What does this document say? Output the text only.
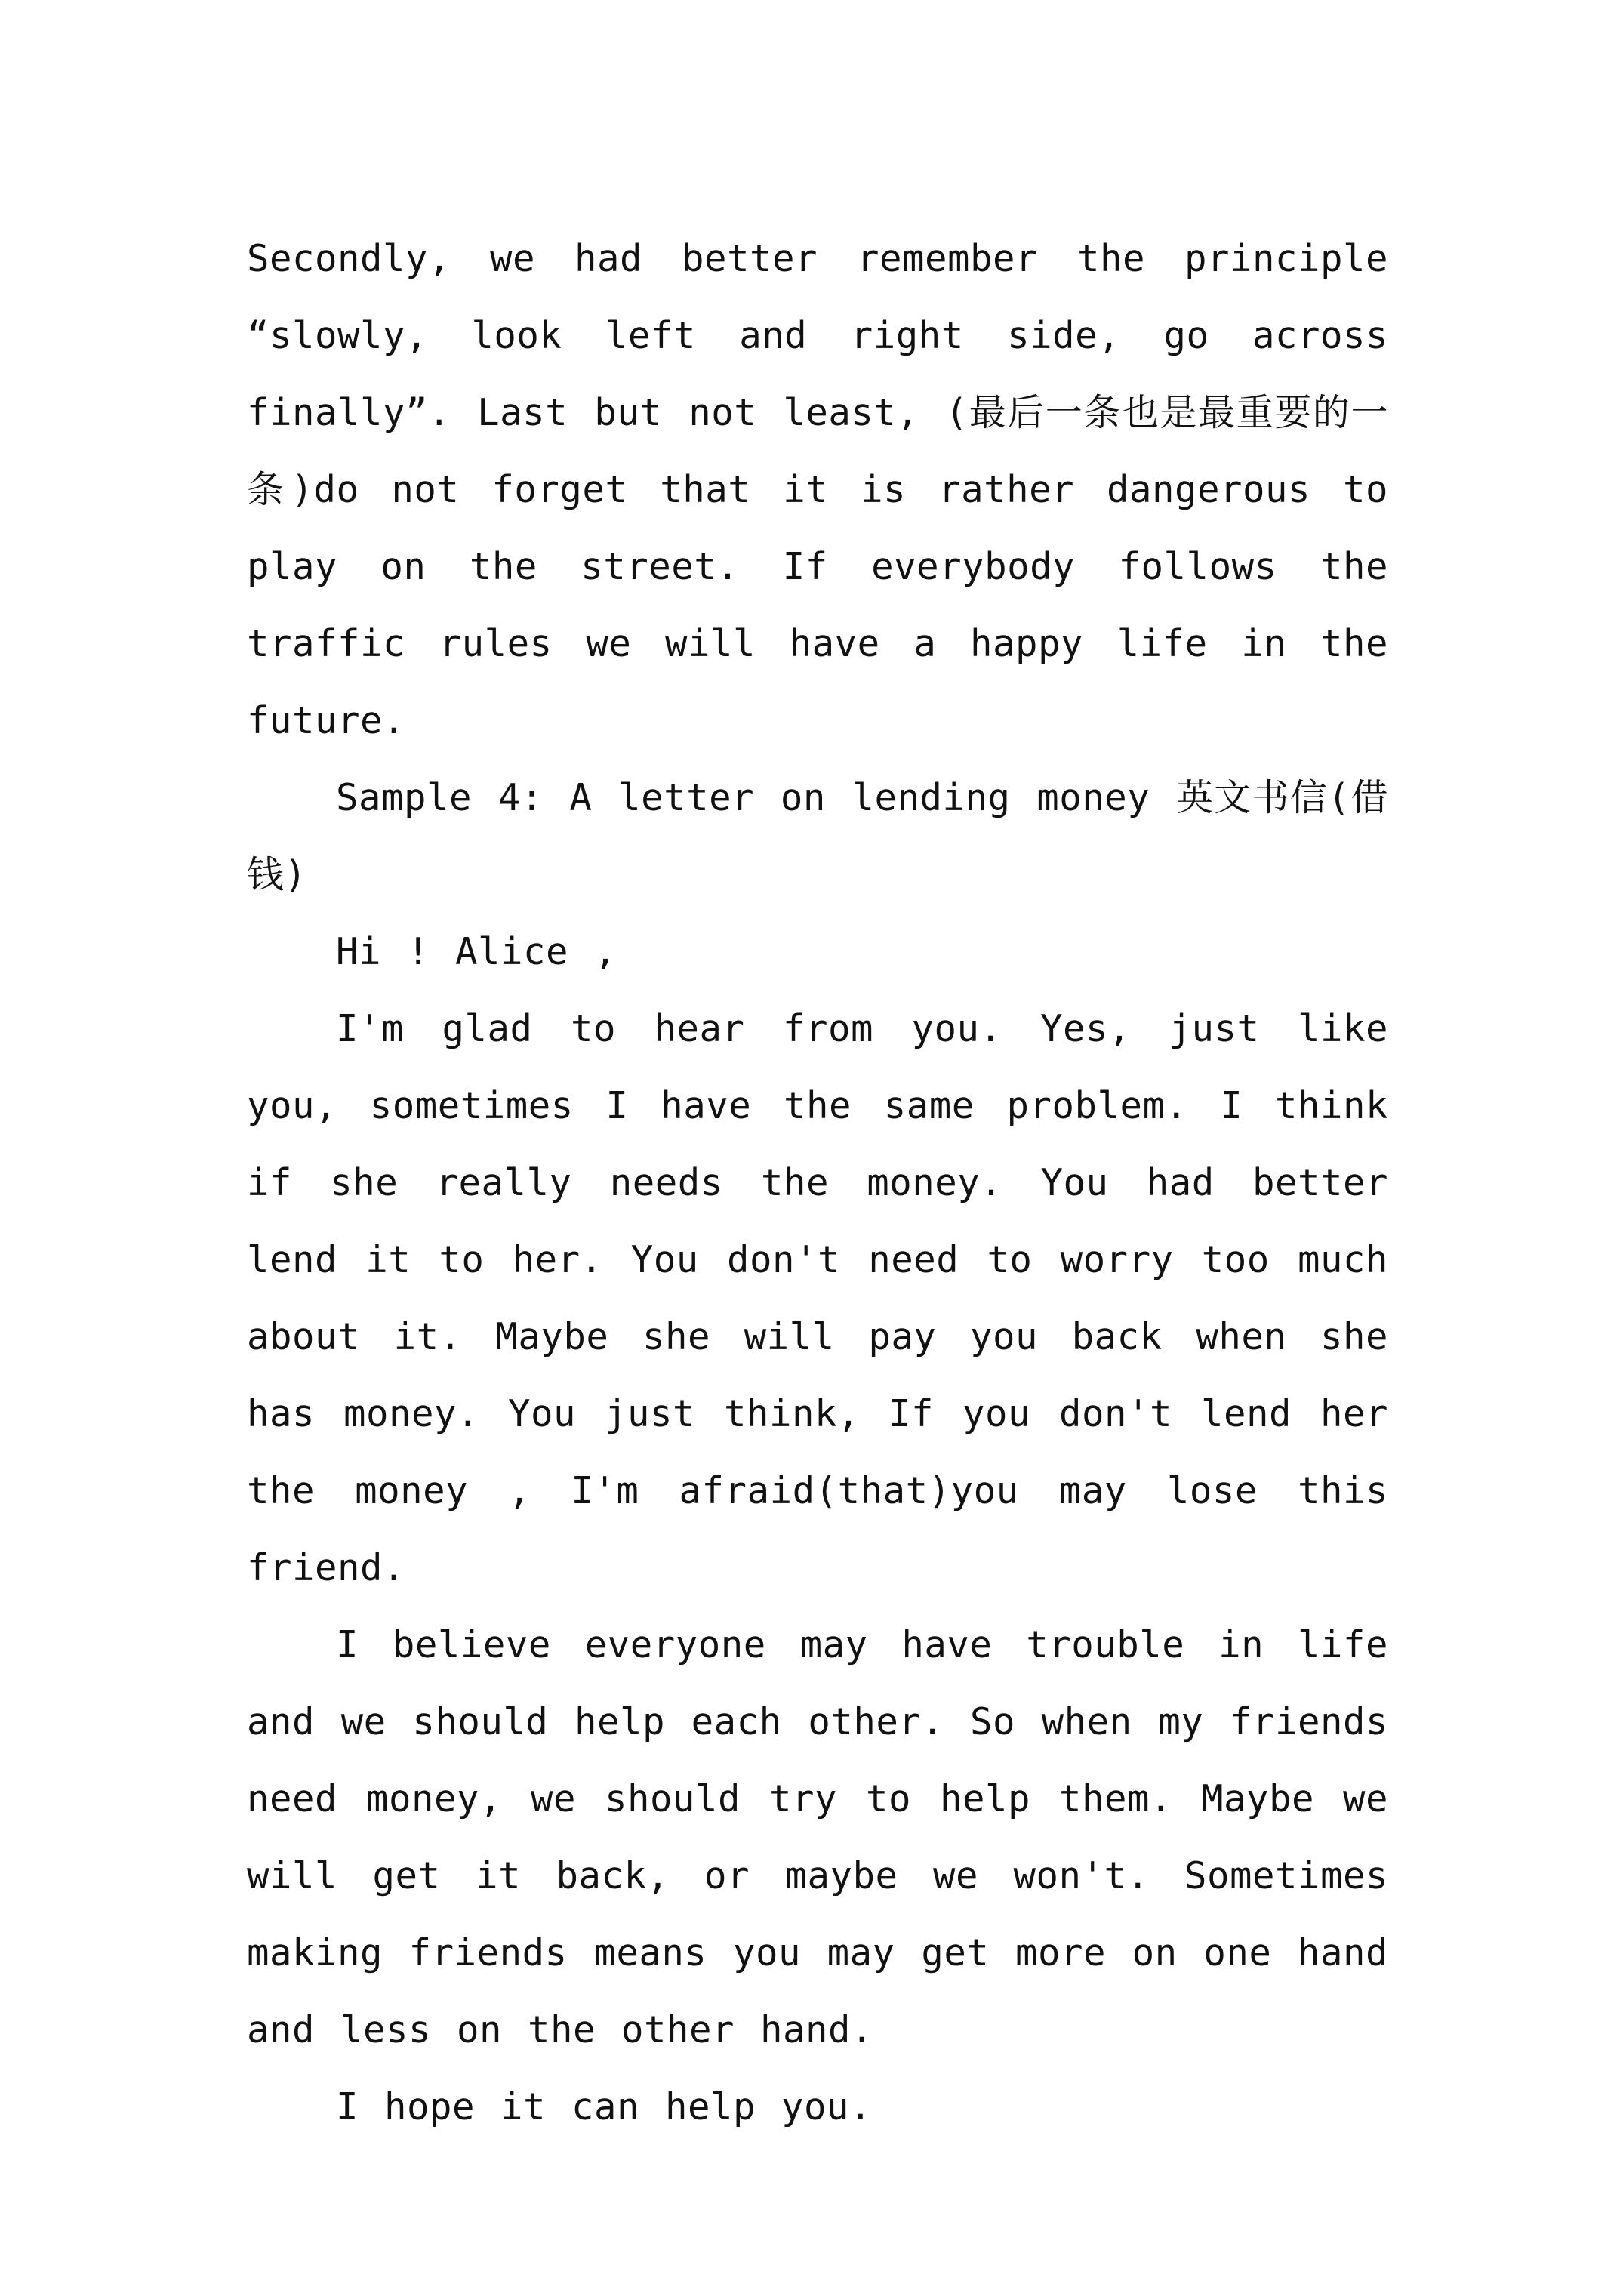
Secondly, we had better remember the principle “slowly, look left and right side, go across finally”. Last but not least, (最后一条也是最重要的一条)do not forget that it is rather dangerous to play on the street. If everybody follows the traffic rules we will have a happy life in the future.

Sample 4: A letter on lending money 英文书信(借钱)

Hi ! Alice ,

I'm glad to hear from you. Yes, just like you, sometimes I have the same problem. I think if she really needs the money. You had better lend it to her. You don't need to worry too much about it. Maybe she will pay you back when she has money. You just think, If you don't lend her the money , I'm afraid(that)you may lose this friend.

I believe everyone may have trouble in life and we should help each other. So when my friends need money, we should try to help them. Maybe we will get it back, or maybe we won't. Sometimes making friends means you may get more on one hand and less on the other hand.

I hope it can help you.
